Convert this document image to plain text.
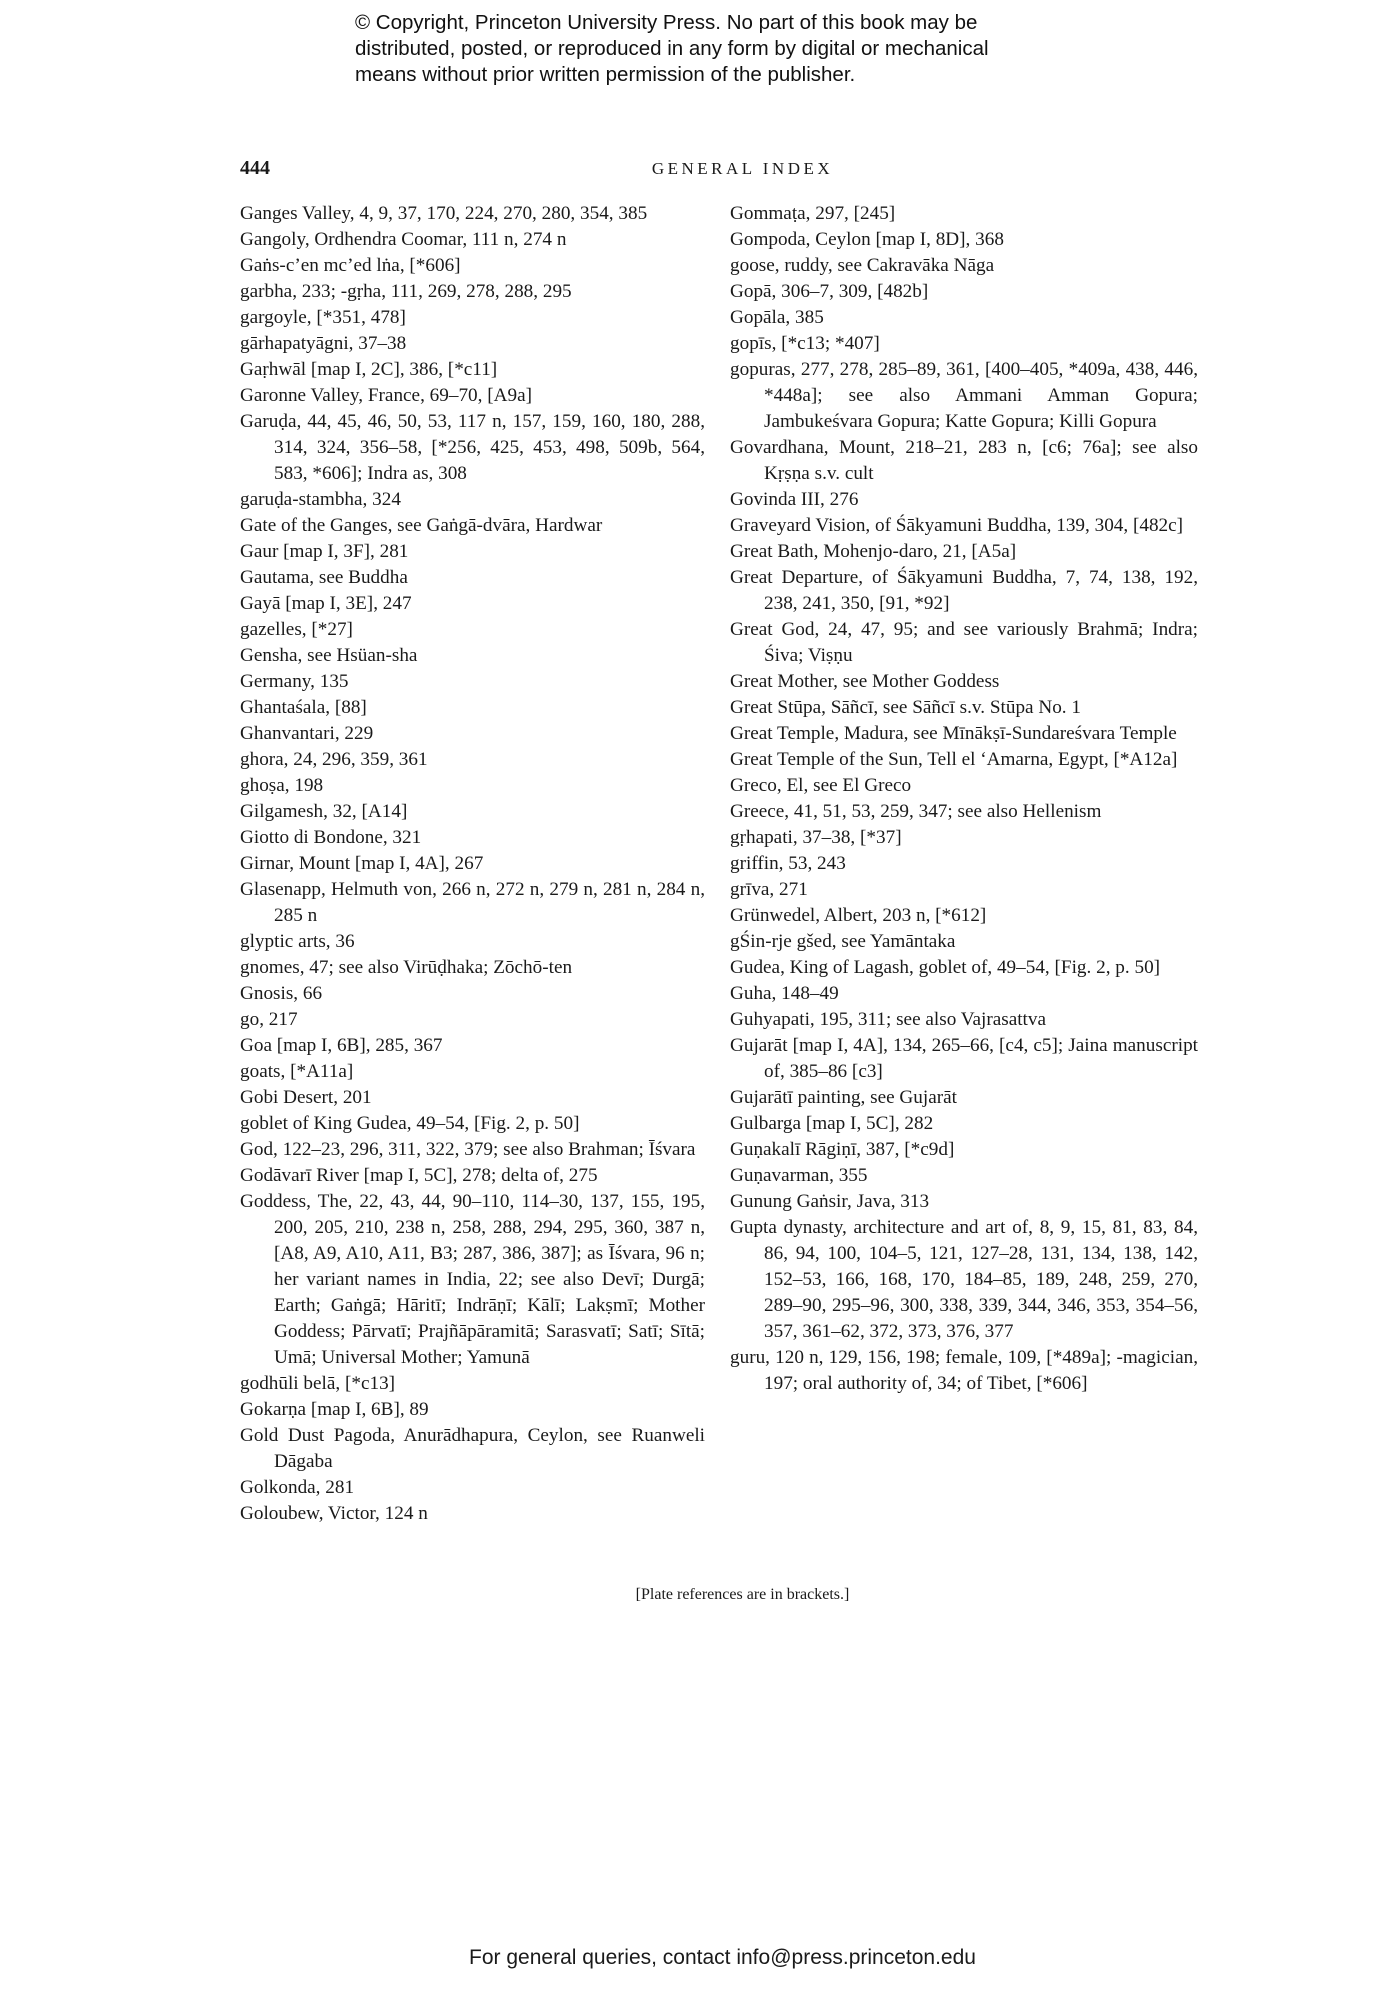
© Copyright, Princeton University Press. No part of this book may be
distributed, posted, or reproduced in any form by digital or mechanical
means without prior written permission of the publisher.
444	GENERAL INDEX

Ganges Valley, 4, 9, 37, 170, 224, 270, 280, 354, 385

Gangoly, Ordhendra Coomar, 111 n, 274 n

Gaṅs-c’en mc’ed lṅa, [*606]

garbha, 233; -gṛha, 111, 269, 278, 288, 295

gargoyle, [*351, 478]

gārhapatyāgni, 37–38

Gaṛhwāl [map I, 2C], 386, [*c11]

Garonne Valley, France, 69–70, [A9a]

Garuḍa, 44, 45, 46, 50, 53, 117 n, 157, 159, 160, 180, 288, 314, 324, 356–58, [*256, 425, 453, 498, 509b, 564, 583, *606]; Indra as, 308

garuḍa-stambha, 324

Gate of the Ganges, see Gaṅgā-dvāra, Hardwar

Gaur [map I, 3F], 281

Gautama, see Buddha

Gayā [map I, 3E], 247

gazelles, [*27]

Gensha, see Hsüan-sha

Germany, 135

Ghantaśala, [88]

Ghanvantari, 229

ghora, 24, 296, 359, 361

ghoṣa, 198

Gilgamesh, 32, [A14]

Giotto di Bondone, 321

Girnar, Mount [map I, 4A], 267

Glasenapp, Helmuth von, 266 n, 272 n, 279 n, 281 n, 284 n, 285 n

glyptic arts, 36

gnomes, 47; see also Virūḍhaka; Zōchō-ten

Gnosis, 66

go, 217

Goa [map I, 6B], 285, 367

goats, [*A11a]

Gobi Desert, 201

goblet of King Gudea, 49–54, [Fig. 2, p. 50]

God, 122–23, 296, 311, 322, 379; see also Brahman; Īśvara

Godāvarī River [map I, 5C], 278; delta of, 275

Goddess, The, 22, 43, 44, 90–110, 114–30, 137, 155, 195, 200, 205, 210, 238 n, 258, 288, 294, 295, 360, 387 n, [A8, A9, A10, A11, B3; 287, 386, 387]; as Īśvara, 96 n; her variant names in India, 22; see also Devī; Durgā; Earth; Gaṅgā; Hāritī; Indrāṇī; Kālī; Lakṣmī; Mother Goddess; Pārvatī; Prajñāpāramitā; Sarasvatī; Satī; Sītā; Umā; Universal Mother; Yamunā

godhūli belā, [*c13]

Gokarṇa [map I, 6B], 89

Gold Dust Pagoda, Anurādhapura, Ceylon, see Ruanweli Dāgaba

Golkonda, 281

Goloubew, Victor, 124 n

Gommaṭa, 297, [245]

Gompoda, Ceylon [map I, 8D], 368

goose, ruddy, see Cakravāka Nāga

Gopā, 306–7, 309, [482b]

Gopāla, 385

gopīs, [*c13; *407]

gopuras, 277, 278, 285–89, 361, [400–405, *409a, 438, 446, *448a]; see also Ammani Amman Gopura; Jambukeśvara Gopura; Katte Gopura; Killi Gopura

Govardhana, Mount, 218–21, 283 n, [c6; 76a]; see also Kṛṣṇa s.v. cult

Govinda III, 276

Graveyard Vision, of Śākyamuni Buddha, 139, 304, [482c]

Great Bath, Mohenjo-daro, 21, [A5a]

Great Departure, of Śākyamuni Buddha, 7, 74, 138, 192, 238, 241, 350, [91, *92]

Great God, 24, 47, 95; and see variously Brahmā; Indra; Śiva; Viṣṇu

Great Mother, see Mother Goddess

Great Stūpa, Sāñcī, see Sāñcī s.v. Stūpa No. 1

Great Temple, Madura, see Mīnākṣī-Sundareśvara Temple

Great Temple of the Sun, Tell el ‘Amarna, Egypt, [*A12a]

Greco, El, see El Greco

Greece, 41, 51, 53, 259, 347; see also Hellenism

gṛhapati, 37–38, [*37]

griffin, 53, 243

grīva, 271

Grünwedel, Albert, 203 n, [*612]

gŚin-rje gšed, see Yamāntaka

Gudea, King of Lagash, goblet of, 49–54, [Fig. 2, p. 50]

Guha, 148–49

Guhyapati, 195, 311; see also Vajrasattva

Gujarāt [map I, 4A], 134, 265–66, [c4, c5]; Jaina manuscript of, 385–86 [c3]

Gujarātī painting, see Gujarāt

Gulbarga [map I, 5C], 282

Guṇakalī Rāgiṇī, 387, [*c9d]

Guṇavarman, 355

Gunung Gaṅsir, Java, 313

Gupta dynasty, architecture and art of, 8, 9, 15, 81, 83, 84, 86, 94, 100, 104–5, 121, 127–28, 131, 134, 138, 142, 152–53, 166, 168, 170, 184–85, 189, 248, 259, 270, 289–90, 295–96, 300, 338, 339, 344, 346, 353, 354–56, 357, 361–62, 372, 373, 376, 377

guru, 120 n, 129, 156, 198; female, 109, [*489a]; -magician, 197; oral authority of, 34; of Tibet, [*606]

[Plate references are in brackets.]
For general queries, contact info@press.princeton.edu
